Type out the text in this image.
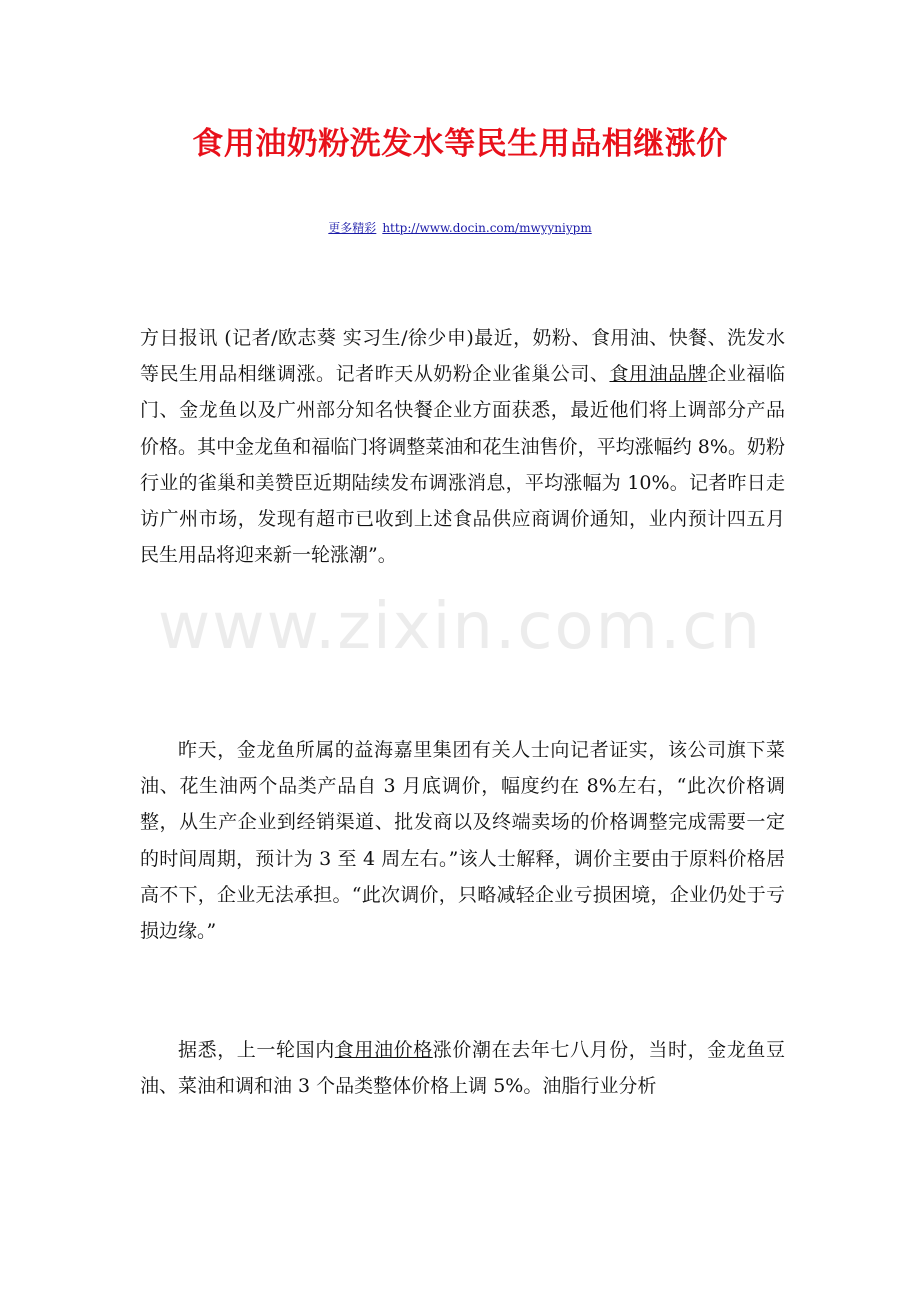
食用油奶粉洗发水等民生用品相继涨价
更多精彩 http://www.docin.com/mwyyniypm

方日报讯 (记者/欧志葵 实习生/徐少申)最近，奶粉、食用油、快餐、洗发水等民生用品相继调涨。记者昨天从奶粉企业雀巢公司、食用油品牌企业福临门、金龙鱼以及广州部分知名快餐企业方面获悉，最近他们将上调部分产品价格。其中金龙鱼和福临门将调整菜油和花生油售价，平均涨幅约 8%。奶粉行业的雀巢和美赞臣近期陆续发布调涨消息，平均涨幅为 10%。记者昨日走访广州市场，发现有超市已收到上述食品供应商调价通知，业内预计四五月民生用品将迎来新一轮涨潮”。

昨天，金龙鱼所属的益海嘉里集团有关人士向记者证实，该公司旗下菜油、花生油两个品类产品自 3 月底调价，幅度约在 8%左右，“此次价格调整，从生产企业到经销渠道、批发商以及终端卖场的价格调整完成需要一定的时间周期，预计为 3 至 4 周左右。”该人士解释，调价主要由于原料价格居高不下，企业无法承担。“此次调价，只略减轻企业亏损困境，企业仍处于亏损边缘。”

据悉，上一轮国内食用油价格涨价潮在去年七八月份，当时，金龙鱼豆油、菜油和调和油 3 个品类整体价格上调 5%。油脂行业分析

www.zixin.com.cn
